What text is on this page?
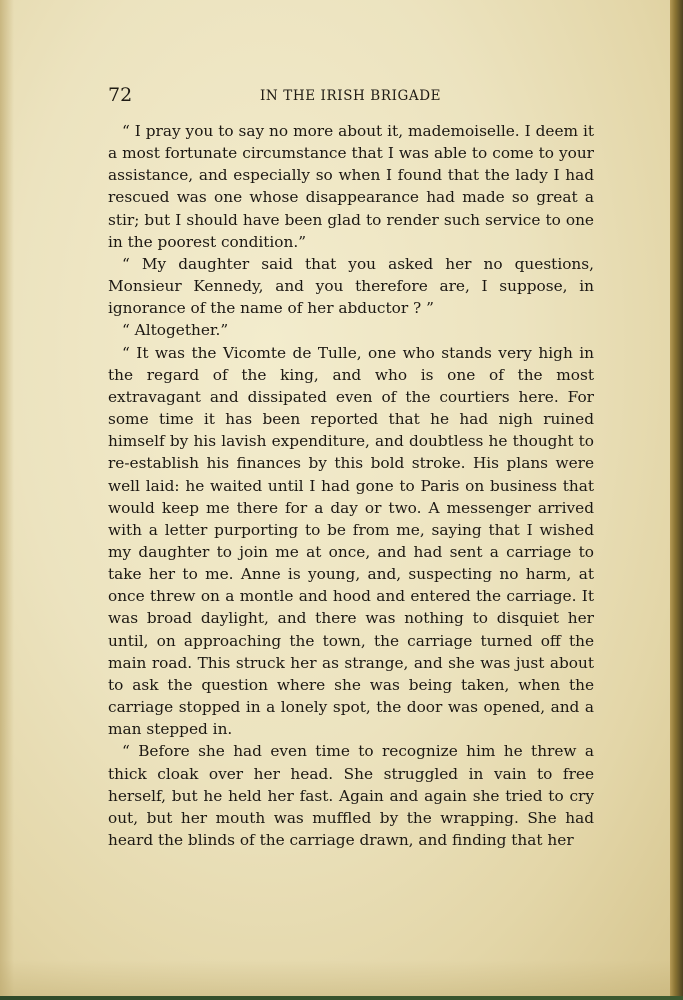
72	IN THE IRISH BRIGADE

“ I pray you to say no more about it, mademoiselle. I deem it a most fortunate circumstance that I was able to come to your assistance, and especially so when I found that the lady I had rescued was one whose disappearance had made so great a stir; but I should have been glad to render such service to one in the poorest condition.”

“ My daughter said that you asked her no questions, Monsieur Kennedy, and you therefore are, I suppose, in ignorance of the name of her abductor ? ”

“ Altogether.”

“ It was the Vicomte de Tulle, one who stands very high in the regard of the king, and who is one of the most extravagant and dissipated even of the courtiers here. For some time it has been reported that he had nigh ruined himself by his lavish expenditure, and doubtless he thought to re-establish his finances by this bold stroke. His plans were well laid: he waited until I had gone to Paris on business that would keep me there for a day or two. A messenger arrived with a letter purporting to be from me, saying that I wished my daughter to join me at once, and had sent a carriage to take her to me. Anne is young, and, suspecting no harm, at once threw on a montle and hood and entered the carriage. It was broad daylight, and there was nothing to disquiet her until, on approaching the town, the carriage turned off the main road. This struck her as strange, and she was just about to ask the question where she was being taken, when the carriage stopped in a lonely spot, the door was opened, and a man stepped in.

“ Before she had even time to recognize him he threw a thick cloak over her head. She struggled in vain to free herself, but he held her fast. Again and again she tried to cry out, but her mouth was muffled by the wrapping. She had heard the blinds of the carriage drawn, and finding that her
